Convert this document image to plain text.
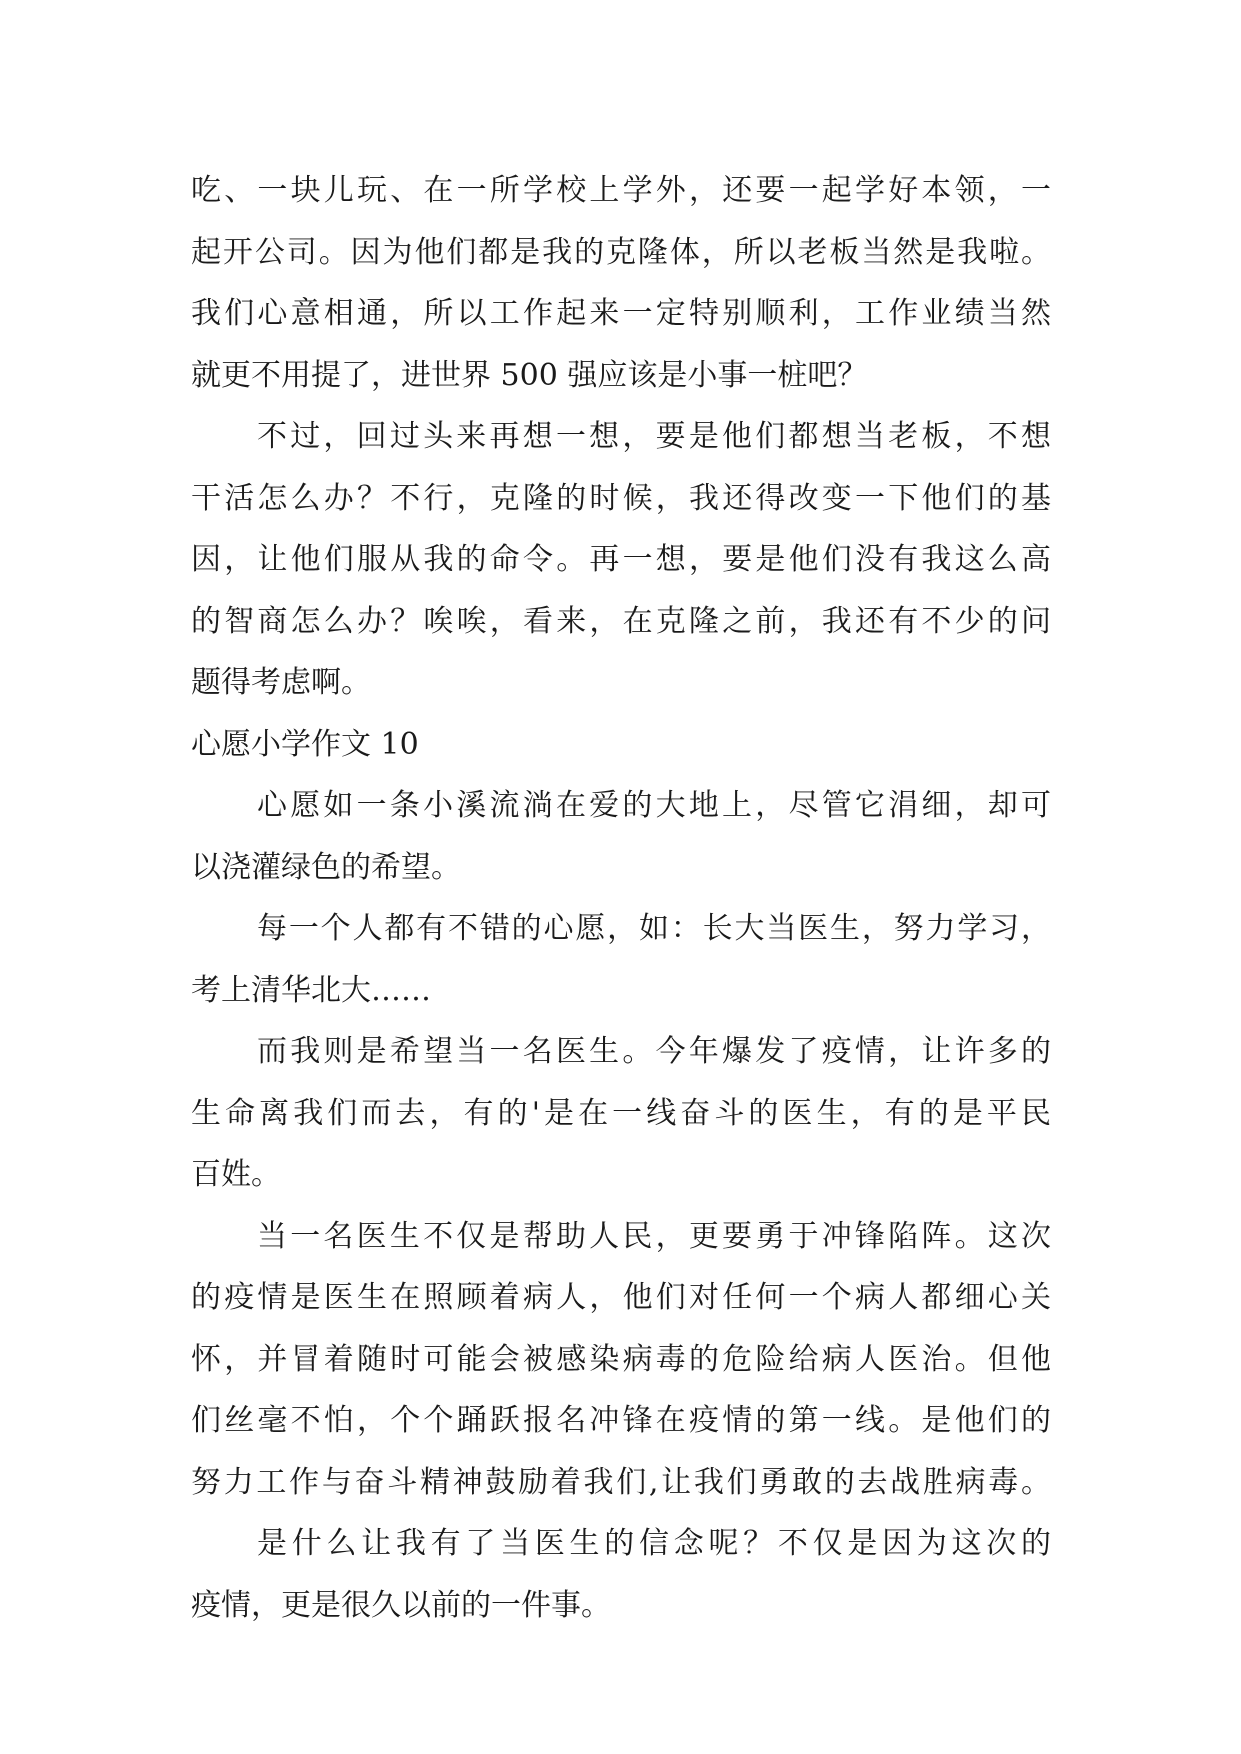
吃、一块儿玩、在一所学校上学外，还要一起学好本领，一
起开公司。因为他们都是我的克隆体，所以老板当然是我啦。
我们心意相通，所以工作起来一定特别顺利，工作业绩当然
就更不用提了，进世界 500 强应该是小事一桩吧？
不过，回过头来再想一想，要是他们都想当老板，不想
干活怎么办？不行，克隆的时候，我还得改变一下他们的基
因，让他们服从我的命令。再一想，要是他们没有我这么高
的智商怎么办？唉唉，看来，在克隆之前，我还有不少的问
题得考虑啊。
心愿小学作文 10
心愿如一条小溪流淌在爱的大地上，尽管它涓细，却可
以浇灌绿色的希望。
每一个人都有不错的心愿，如：长大当医生，努力学习，
考上清华北大……
而我则是希望当一名医生。今年爆发了疫情，让许多的
生命离我们而去，有的'是在一线奋斗的医生，有的是平民
百姓。
当一名医生不仅是帮助人民，更要勇于冲锋陷阵。这次
的疫情是医生在照顾着病人，他们对任何一个病人都细心关
怀，并冒着随时可能会被感染病毒的危险给病人医治。但他
们丝毫不怕，个个踊跃报名冲锋在疫情的第一线。是他们的
努力工作与奋斗精神鼓励着我们,让我们勇敢的去战胜病毒。
是什么让我有了当医生的信念呢？不仅是因为这次的
疫情，更是很久以前的一件事。
